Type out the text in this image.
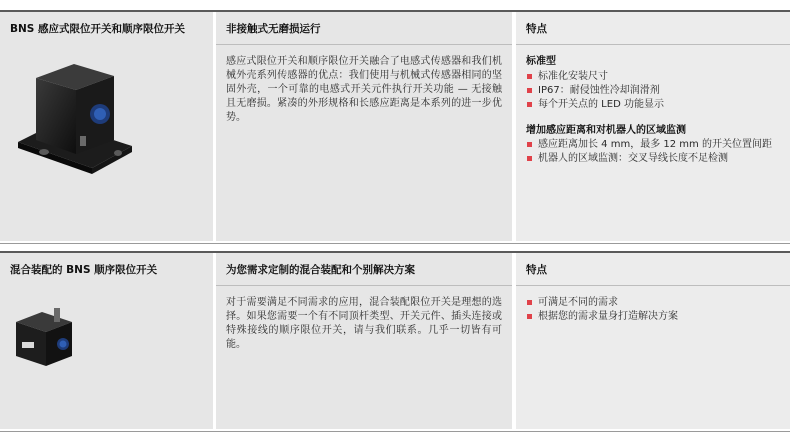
BNS 感应式限位开关和顺序限位开关	非接触式无磨损运行

感应式限位开关和顺序限位开关融合了电感式传感器和我们机械外壳系列传感器的优点：我们使用与机械式传感器相同的坚固外壳，一个可靠的电感式开关元件执行开关功能 — 无接触且无磨损。紧凑的外形规格和长感应距离是本系列的进一步优势。

特点

标准型

标准化安装尺寸
IP67：耐侵蚀性冷却润滑剂
每个开关点的 LED 功能显示

增加感应距离和对机器人的区域监测

感应距离加长 4 mm，最多 12 mm 的开关位置间距
机器人的区域监测：交叉导线长度不足检测

混合装配的 BNS 顺序限位开关	为您需求定制的混合装配和个别解决方案

对于需要满足不同需求的应用，混合装配限位开关是理想的选择。如果您需要一个有不同顶杆类型、开关元件、插头连接或特殊接线的顺序限位开关，请与我们联系。几乎一切皆有可能。

特点

可满足不同的需求
根据您的需求量身打造解决方案
